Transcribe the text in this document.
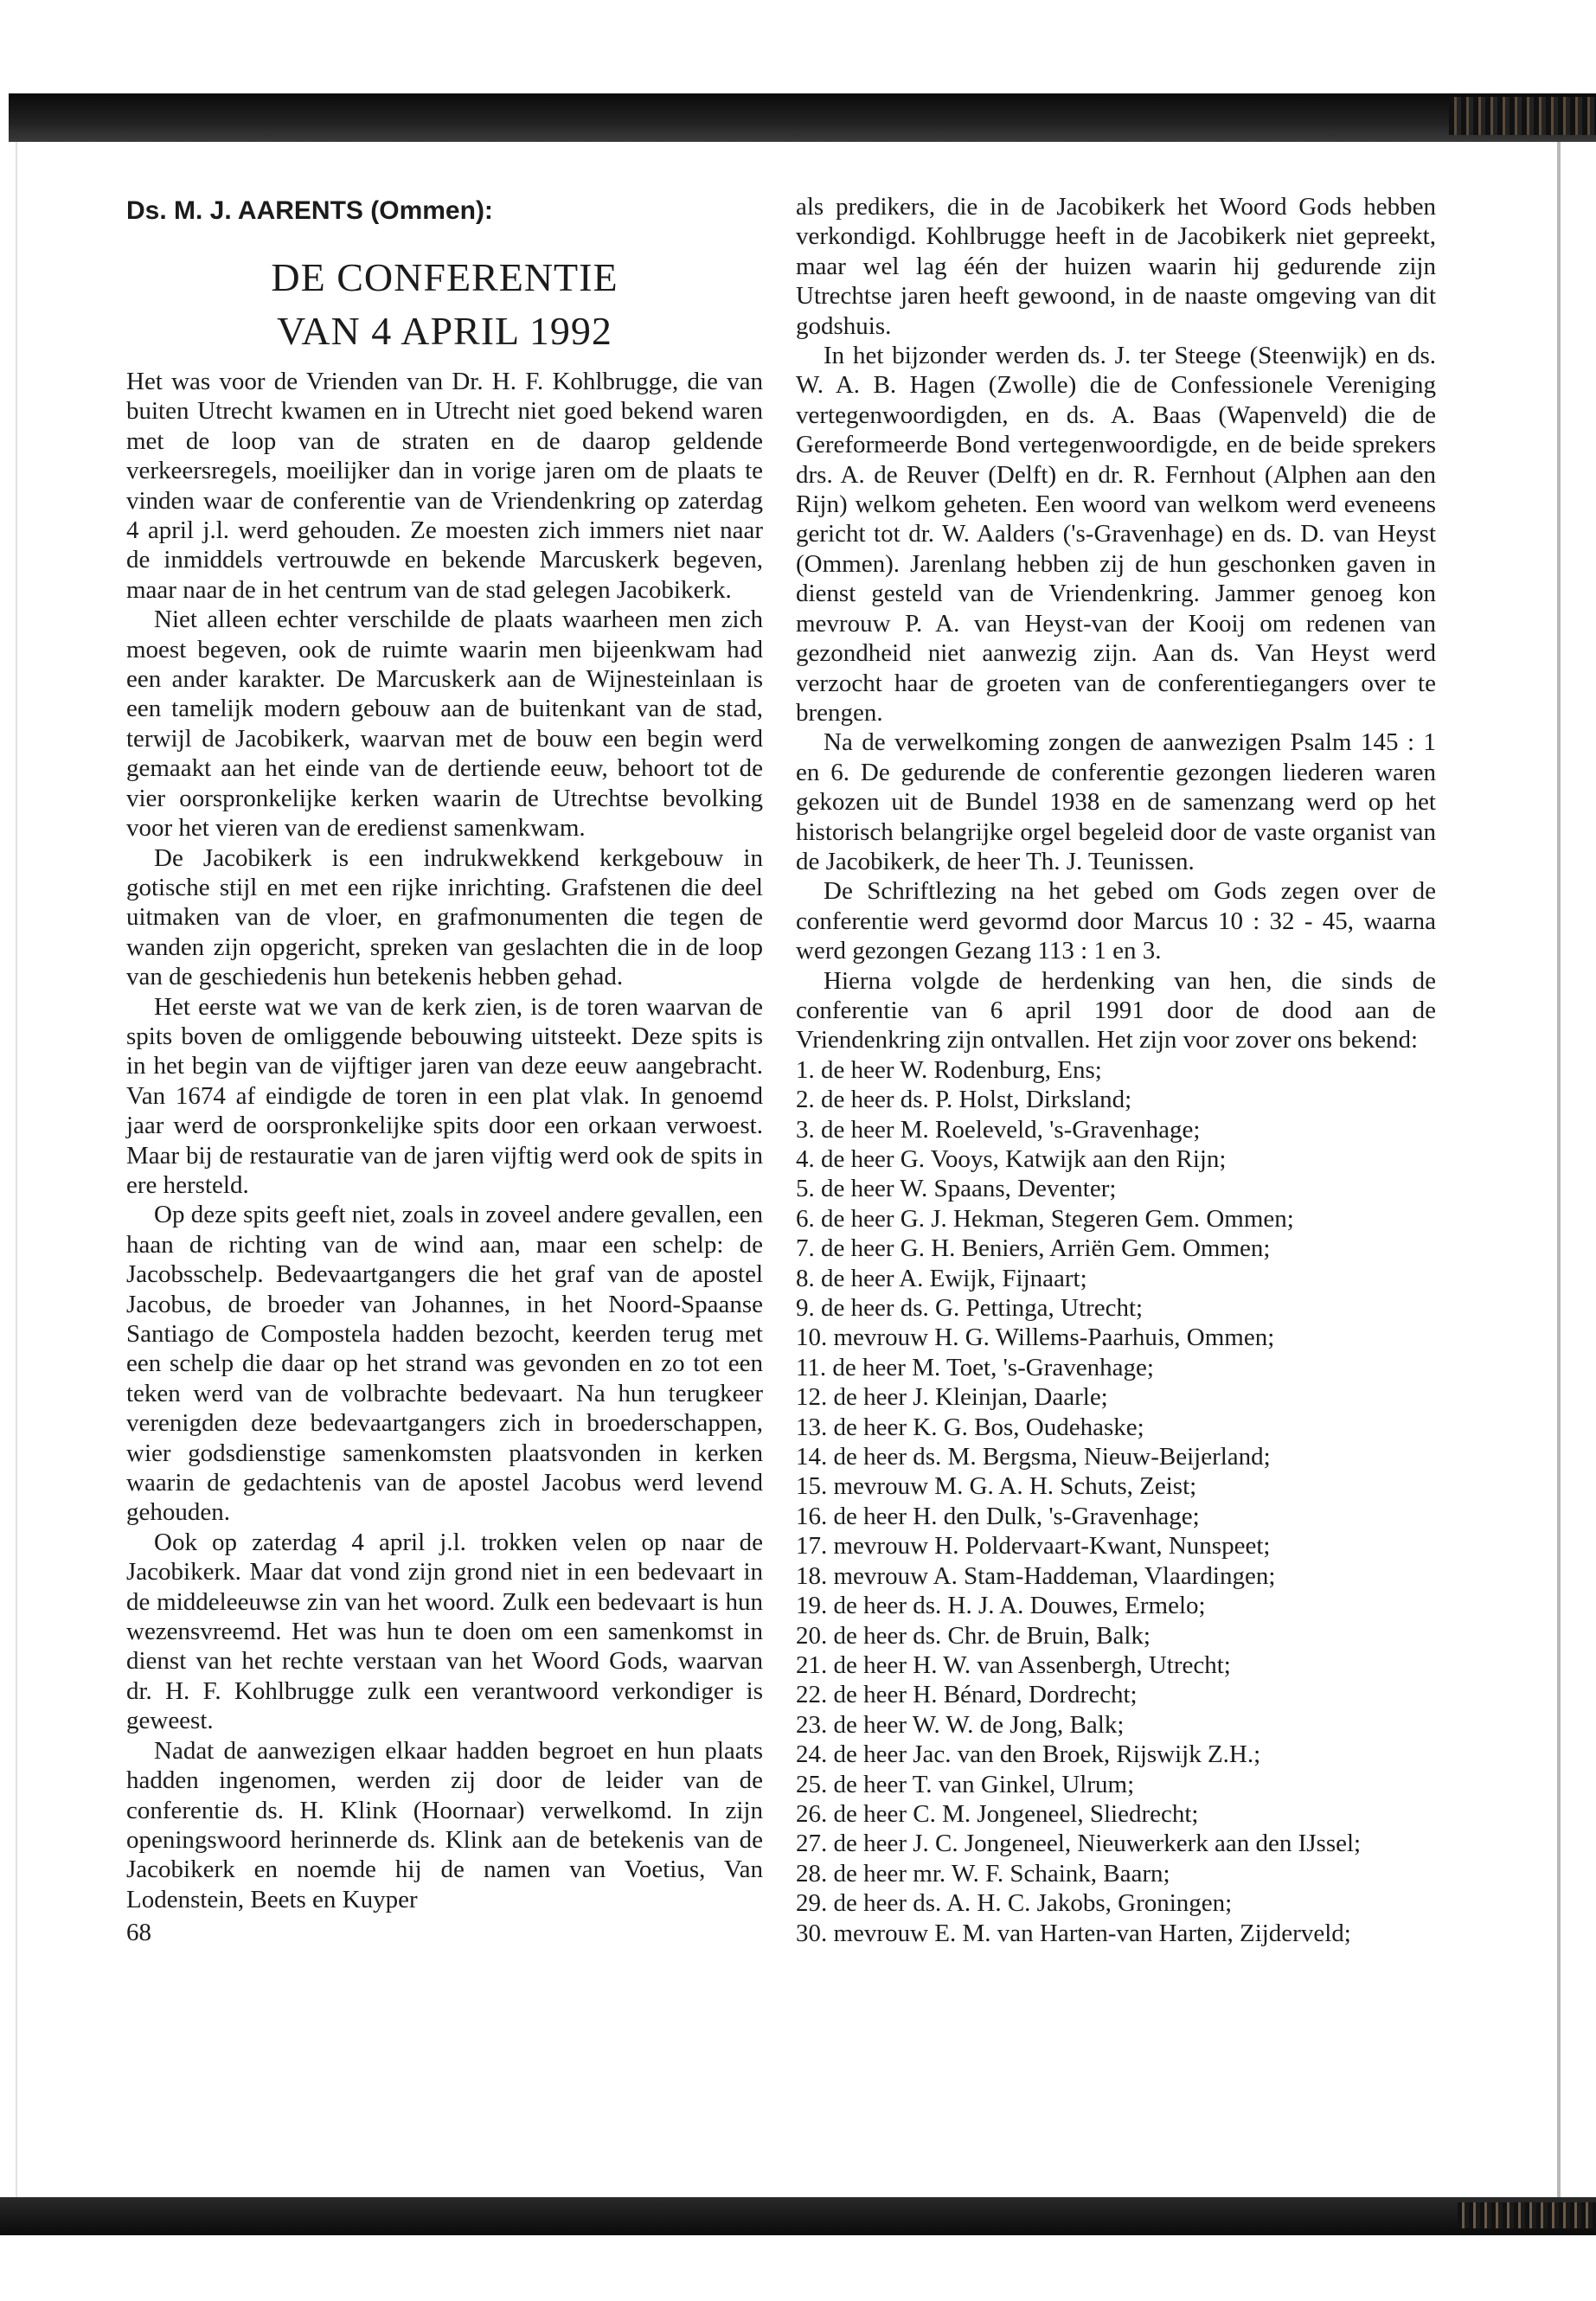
Ds. M. J. AARENTS (Ommen):
DE CONFERENTIE
VAN 4 APRIL 1992

Het was voor de Vrienden van Dr. H. F. Kohlbrugge, die van buiten Utrecht kwamen en in Utrecht niet goed bekend waren met de loop van de straten en de daarop geldende verkeersregels, moeilijker dan in vorige jaren om de plaats te vinden waar de conferentie van de Vriendenkring op zaterdag 4 april j.l. werd gehouden. Ze moesten zich immers niet naar de inmiddels vertrouwde en bekende Marcuskerk begeven, maar naar de in het centrum van de stad gelegen Jacobikerk.

Niet alleen echter verschilde de plaats waarheen men zich moest begeven, ook de ruimte waarin men bijeenkwam had een ander karakter. De Marcuskerk aan de Wijnesteinlaan is een tamelijk modern gebouw aan de buitenkant van de stad, terwijl de Jacobikerk, waarvan met de bouw een begin werd gemaakt aan het einde van de dertiende eeuw, behoort tot de vier oorspronkelijke kerken waarin de Utrechtse bevolking voor het vieren van de eredienst samenkwam.

De Jacobikerk is een indrukwekkend kerkgebouw in gotische stijl en met een rijke inrichting. Grafstenen die deel uitmaken van de vloer, en grafmonumenten die tegen de wanden zijn opgericht, spreken van geslachten die in de loop van de geschiedenis hun betekenis hebben gehad.

Het eerste wat we van de kerk zien, is de toren waarvan de spits boven de omliggende bebouwing uitsteekt. Deze spits is in het begin van de vijftiger jaren van deze eeuw aangebracht. Van 1674 af eindigde de toren in een plat vlak. In genoemd jaar werd de oorspronkelijke spits door een orkaan verwoest. Maar bij de restauratie van de jaren vijftig werd ook de spits in ere hersteld.

Op deze spits geeft niet, zoals in zoveel andere gevallen, een haan de richting van de wind aan, maar een schelp: de Jacobsschelp. Bedevaartgangers die het graf van de apostel Jacobus, de broeder van Johannes, in het Noord-Spaanse Santiago de Compostela hadden bezocht, keerden terug met een schelp die daar op het strand was gevonden en zo tot een teken werd van de volbrachte bedevaart. Na hun terugkeer verenigden deze bedevaartgangers zich in broederschappen, wier godsdienstige samenkomsten plaatsvonden in kerken waarin de gedachtenis van de apostel Jacobus werd levend gehouden.

Ook op zaterdag 4 april j.l. trokken velen op naar de Jacobikerk. Maar dat vond zijn grond niet in een bedevaart in de middeleeuwse zin van het woord. Zulk een bedevaart is hun wezensvreemd. Het was hun te doen om een samenkomst in dienst van het rechte verstaan van het Woord Gods, waarvan dr. H. F. Kohlbrugge zulk een verantwoord verkondiger is geweest.

Nadat de aanwezigen elkaar hadden begroet en hun plaats hadden ingenomen, werden zij door de leider van de conferentie ds. H. Klink (Hoornaar) verwelkomd. In zijn openingswoord herinnerde ds. Klink aan de betekenis van de Jacobikerk en noemde hij de namen van Voetius, Van Lodenstein, Beets en Kuyper

68

als predikers, die in de Jacobikerk het Woord Gods hebben verkondigd. Kohlbrugge heeft in de Jacobikerk niet gepreekt, maar wel lag één der huizen waarin hij gedurende zijn Utrechtse jaren heeft gewoond, in de naaste omgeving van dit godshuis.

In het bijzonder werden ds. J. ter Steege (Steenwijk) en ds. W. A. B. Hagen (Zwolle) die de Confessionele Vereniging vertegenwoordigden, en ds. A. Baas (Wapenveld) die de Gereformeerde Bond vertegenwoordigde, en de beide sprekers drs. A. de Reuver (Delft) en dr. R. Fernhout (Alphen aan den Rijn) welkom geheten. Een woord van welkom werd eveneens gericht tot dr. W. Aalders ('s-Gravenhage) en ds. D. van Heyst (Ommen). Jarenlang hebben zij de hun geschonken gaven in dienst gesteld van de Vriendenkring. Jammer genoeg kon mevrouw P. A. van Heyst-van der Kooij om redenen van gezondheid niet aanwezig zijn. Aan ds. Van Heyst werd verzocht haar de groeten van de conferentiegangers over te brengen.

Na de verwelkoming zongen de aanwezigen Psalm 145 : 1 en 6. De gedurende de conferentie gezongen liederen waren gekozen uit de Bundel 1938 en de samenzang werd op het historisch belangrijke orgel begeleid door de vaste organist van de Jacobikerk, de heer Th. J. Teunissen.

De Schriftlezing na het gebed om Gods zegen over de conferentie werd gevormd door Marcus 10 : 32 - 45, waarna werd gezongen Gezang 113 : 1 en 3.

Hierna volgde de herdenking van hen, die sinds de conferentie van 6 april 1991 door de dood aan de Vriendenkring zijn ontvallen. Het zijn voor zover ons bekend:

1. de heer W. Rodenburg, Ens;
2. de heer ds. P. Holst, Dirksland;
3. de heer M. Roeleveld, 's-Gravenhage;
4. de heer G. Vooys, Katwijk aan den Rijn;
5. de heer W. Spaans, Deventer;
6. de heer G. J. Hekman, Stegeren Gem. Ommen;
7. de heer G. H. Beniers, Arriën Gem. Ommen;
8. de heer A. Ewijk, Fijnaart;
9. de heer ds. G. Pettinga, Utrecht;
10. mevrouw H. G. Willems-Paarhuis, Ommen;
11. de heer M. Toet, 's-Gravenhage;
12. de heer J. Kleinjan, Daarle;
13. de heer K. G. Bos, Oudehaske;
14. de heer ds. M. Bergsma, Nieuw-Beijerland;
15. mevrouw M. G. A. H. Schuts, Zeist;
16. de heer H. den Dulk, 's-Gravenhage;
17. mevrouw H. Poldervaart-Kwant, Nunspeet;
18. mevrouw A. Stam-Haddeman, Vlaardingen;
19. de heer ds. H. J. A. Douwes, Ermelo;
20. de heer ds. Chr. de Bruin, Balk;
21. de heer H. W. van Assenbergh, Utrecht;
22. de heer H. Bénard, Dordrecht;
23. de heer W. W. de Jong, Balk;
24. de heer Jac. van den Broek, Rijswijk Z.H.;
25. de heer T. van Ginkel, Ulrum;
26. de heer C. M. Jongeneel, Sliedrecht;
27. de heer J. C. Jongeneel, Nieuwerkerk aan den IJssel;
28. de heer mr. W. F. Schaink, Baarn;
29. de heer ds. A. H. C. Jakobs, Groningen;
30. mevrouw E. M. van Harten-van Harten, Zijderveld;
